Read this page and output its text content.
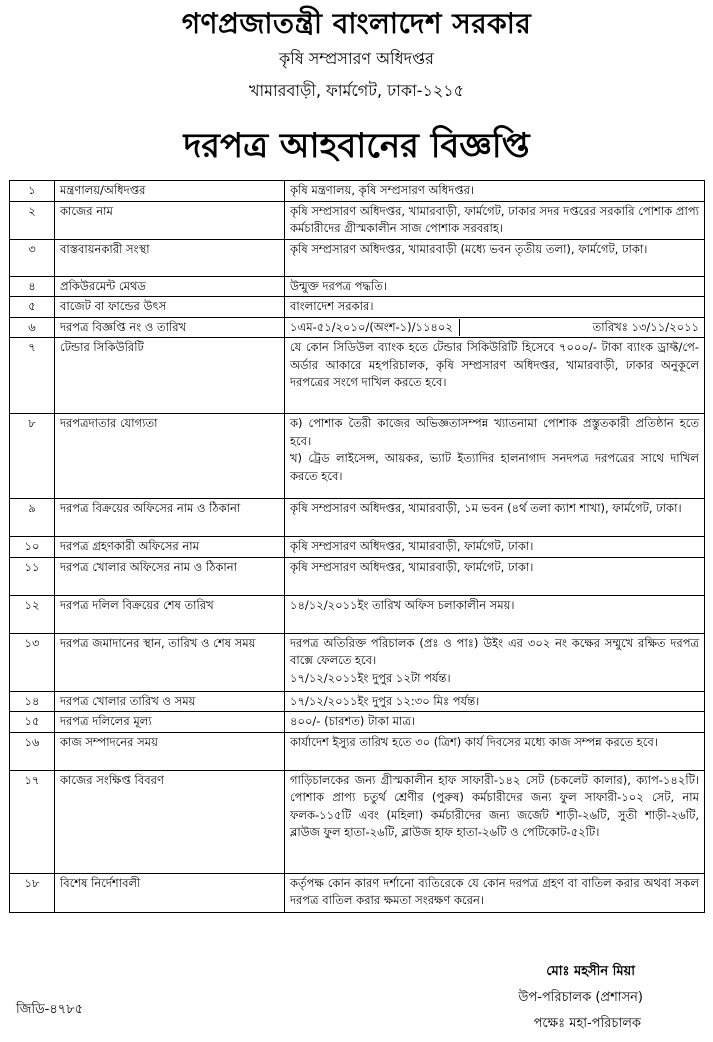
গণপ্রজাতন্ত্রী বাংলাদেশ সরকার
কৃষি সম্প্রসারণ অধিদপ্তর
খামারবাড়ী, ফার্মগেট, ঢাকা-১২১৫
দরপত্র আহবানের বিজ্ঞপ্তি
১	মন্ত্রণালয়/অধিদপ্তর	কৃষি মন্ত্রণালয়, কৃষি সম্প্রসারণ অধিদপ্তর।
২	কাজের নাম	কৃষি সম্প্রসারণ অধিদপ্তর, খামারবাড়ী, ফার্মগেট, ঢাকার সদর দপ্তরের সরকারি পোশাক প্রাপ্য কর্মচারীদের গ্রীস্মকালীন সাজ পোশাক সরবরাহ।
৩	বাস্তবায়নকারী সংস্থা	কৃষি সম্প্রসারণ অধিদপ্তর, খামারবাড়ী (মধ্যে ভবন তৃতীয় তলা), ফার্মগেট, ঢাকা।
৪	প্রকিউরমেন্ট মেথড	উন্মুক্ত দরপত্র পদ্ধতি।
৫	বাজেট বা ফান্ডের উৎস	বাংলাদেশ সরকার।
৬	দরপত্র বিজ্ঞপ্তি নং ও তারিখ	১এম-৫১/২০১০/(অংশ-১)/১১৪০২ তারিখঃ ১৩/১১/২০১১

৭	টেন্ডার সিকিউরিটি	যে কোন সিডিউল ব্যাংক হতে টেন্ডার সিকিউরিটি হিসেবে ৭০০০/- টাকা ব্যাংক ড্রাফ্ট/পে-অর্ডার আকারে মহপরিচালক, কৃষি সম্প্রসারণ অধিদপ্তর, খামারবাড়ী, ঢাকার অনুকূলে দরপত্রের সংগে দাখিল করতে হবে।
৮	দরপত্রদাতার যোগ্যতা	ক) পোশাক তৈরী কাজের অভিজ্ঞতাসম্পন্ন খ্যাতনামা পোশাক প্রস্তুতকারী প্রতিষ্ঠান হতে হবে।
খ) ট্রেড লাইসেন্স, আয়কর, ভ্যাট ইত্যাদির হালনাগাদ সনদপত্র দরপত্রের সাথে দাখিল করতে হবে।

৯	দরপত্র বিক্রয়ের অফিসের নাম ও ঠিকানা	কৃষি সম্প্রসারণ অধিদপ্তর, খামারবাড়ী, ১ম ভবন (৪র্থ তলা ক্যাশ শাখা), ফার্মগেট, ঢাকা।
১০	দরপত্র গ্রহণকারী অফিসের নাম	কৃষি সম্প্রসারণ অধিদপ্তর, খামারবাড়ী, ফার্মগেট, ঢাকা।
১১	দরপত্র খোলার অফিসের নাম ও ঠিকানা	কৃষি সম্প্রসারণ অধিদপ্তর, খামারবাড়ী, ফার্মগেট, ঢাকা।
১২	দরপত্র দলিল বিক্রয়ের শেষ তারিখ	১৪/১২/২০১১ইং তারিখ অফিস চলাকালীন সময়।
১৩	দরপত্র জমাদানের স্থান, তারিখ ও শেষ সময়	দরপত্র অতিরিক্ত পরিচালক (প্রঃ ও পাঃ) উইং এর ৩০২ নং কক্ষের সম্মুখে রক্ষিত দরপত্র বাক্সে ফেলতে হবে।
১৭/১২/২০১১ইং দুপুর ১২টা পর্যন্ত।

১৪	দরপত্র খোলার তারিখ ও সময়	১৭/১২/২০১১ইং দুপুর ১২:৩০ মিঃ পর্যন্ত।
১৫	দরপত্র দলিলের মূল্য	৪০০/- (চারশত) টাকা মাত্র।
১৬	কাজ সম্পাদনের সময়	কার্যাদেশ ইস্যুর তারিখ হতে ৩০ (ত্রিশ) কার্য দিবসের মধ্যে কাজ সম্পন্ন করতে হবে।
১৭	কাজের সংক্ষিপ্ত বিবরণ	গাড়িচালকের জন্য গ্রীস্মকালীন হাফ সাফারী-১৪২ সেট (চকলেট কালার), ক্যাপ-১৪২টি। পোশাক প্রাপ্য চতুর্থ শ্রেণীর (পুরুষ) কর্মচারীদের জন্য ফুল সাফারী-১০২ সেট, নাম ফলক-১১৫টি এবং (মহিলা) কর্মচারীদের জন্য জর্জেট শাড়ী-২৬টি, সুতী শাড়ী-২৬টি, ব্লাউজ ফুল হাতা-২৬টি, ব্লাউজ হাফ হাতা-২৬টি ও পেটিকোট-৫২টি।
১৮	বিশেষ নির্দেশাবলী	কর্তৃপক্ষ কোন কারণ দর্শানো ব্যতিরেকে যে কোন দরপত্র গ্রহণ বা বাতিল করার অথবা সকল দরপত্র বাতিল করার ক্ষমতা সংরক্ষণ করেন।
মোঃ মহসীন মিয়া
উপ-পরিচালক (প্রশাসন)
পক্ষেঃ মহা-পরিচালক
জিডি-৪৭৮৫
